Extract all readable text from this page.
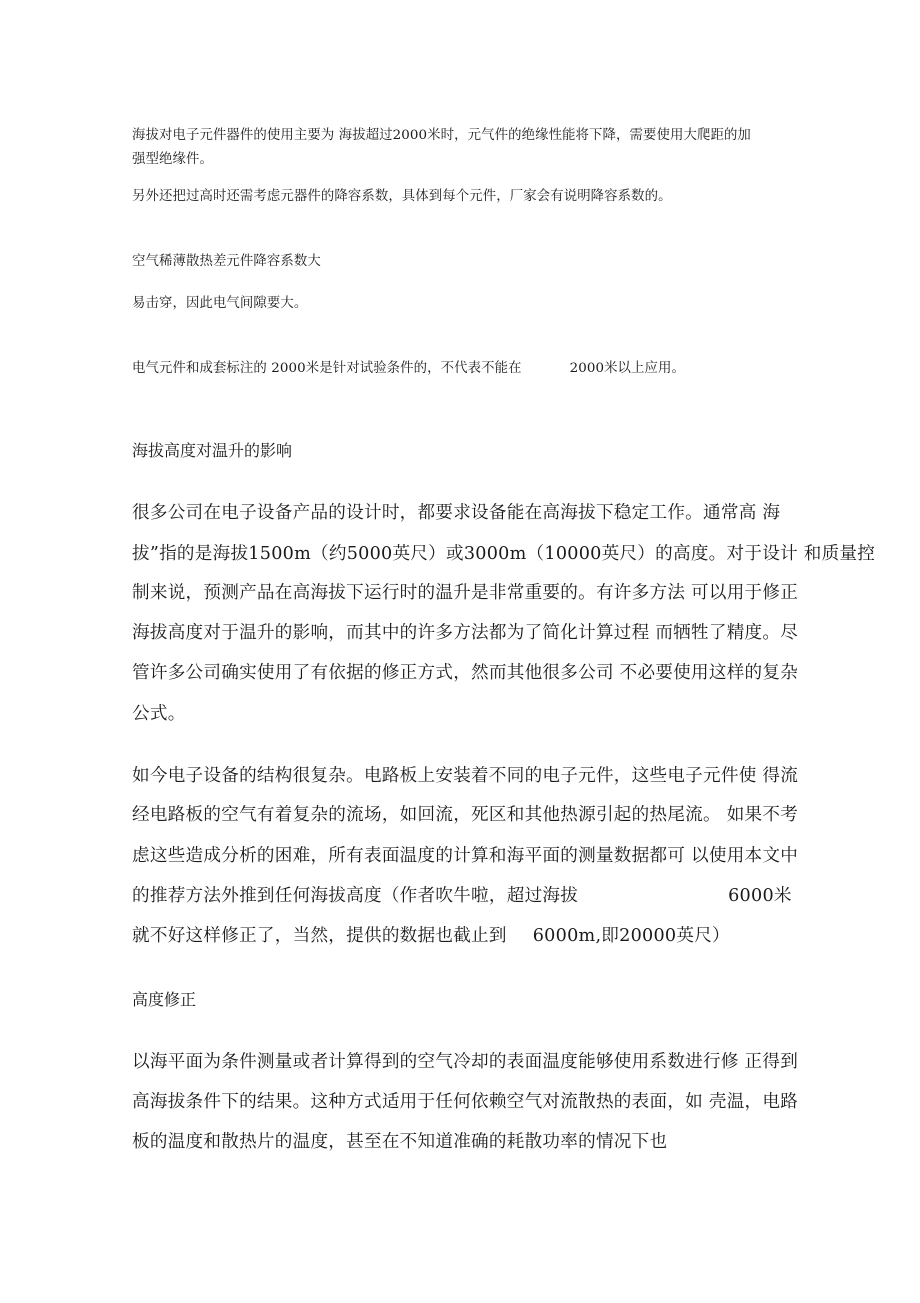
海拔对电子元件器件的使用主要为 海拔超过2000米时，元气件的绝缘性能将下降，需要使用大爬距的加

强型绝缘件。

另外还把过高时还需考虑元器件的降容系数，具体到每个元件，厂家会有说明降容系数的。

空气稀薄散热差元件降容系数大

易击穿，因此电气间隙要大。

电气元件和成套标注的 2000米是针对试验条件的，不代表不能在	2000米以上应用。

海拔高度对温升的影响

很多公司在电子设备产品的设计时，都要求设备能在高海拔下稳定工作。通常高 海

拔”指的是海拔1500m（约5000英尺）或3000m（10000英尺）的高度。对于设计 和质量控

制来说，预测产品在高海拔下运行时的温升是非常重要的。有许多方法 可以用于修正

海拔高度对于温升的影响，而其中的许多方法都为了简化计算过程 而牺牲了精度。尽

管许多公司确实使用了有依据的修正方式，然而其他很多公司 不必要使用这样的复杂

公式。

如今电子设备的结构很复杂。电路板上安装着不同的电子元件，这些电子元件使 得流

经电路板的空气有着复杂的流场，如回流，死区和其他热源引起的热尾流。 如果不考

虑这些造成分析的困难，所有表面温度的计算和海平面的测量数据都可 以使用本文中

的推荐方法外推到任何海拔高度（作者吹牛啦，超过海拔	6000米

就不好这样修正了，当然，提供的数据也截止到 6000m,即20000英尺）

高度修正

以海平面为条件测量或者计算得到的空气冷却的表面温度能够使用系数进行修 正得到

高海拔条件下的结果。这种方式适用于任何依赖空气对流散热的表面，如 壳温，电路

板的温度和散热片的温度，甚至在不知道准确的耗散功率的情况下也
